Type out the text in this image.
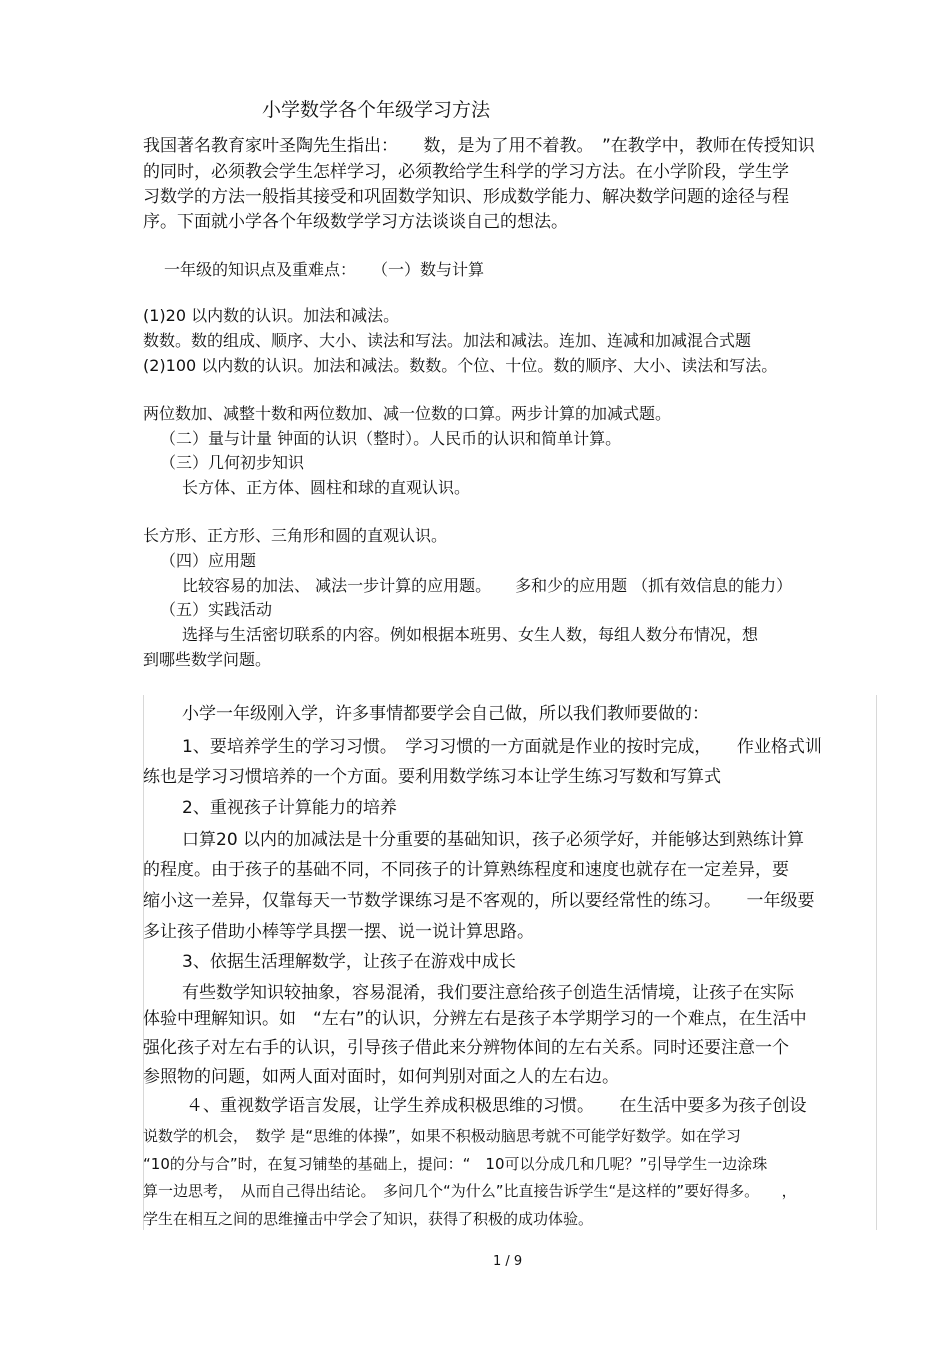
小学数学各个年级学习方法
我国著名教育家叶圣陶先生指出：　　数，是为了用不着教。　”在教学中，教师在传授知识
的同时，必须教会学生怎样学习，必须教给学生科学的学习方法。在小学阶段，学生学
习数学的方法一般指其接受和巩固数学知识、形成数学能力、解决数学问题的途径与程
序。下面就小学各个年级数学学习方法谈谈自己的想法。
一年级的知识点及重难点：　　（一）数与计算
(1)20 以内数的认识。加法和减法。
数数。数的组成、顺序、大小、读法和写法。加法和减法。连加、连减和加减混合式题
(2)100 以内数的认识。加法和减法。数数。个位、十位。数的顺序、大小、读法和写法。
两位数加、减整十数和两位数加、减一位数的口算。两步计算的加减式题。
（二）量与计量 钟面的认识（整时）。人民币的认识和简单计算。
（三）几何初步知识
长方体、正方体、圆柱和球的直观认识。
长方形、正方形、三角形和圆的直观认识。
（四）应用题
比较容易的加法、 减法一步计算的应用题。　　多和少的应用题 （抓有效信息的能力）
（五）实践活动
选择与生活密切联系的内容。例如根据本班男、女生人数，每组人数分布情况，想
到哪些数学问题。
小学一年级刚入学，许多事情都要学会自己做，所以我们教师要做的：
1、要培养学生的学习习惯。　学习习惯的一方面就是作业的按时完成，　　作业格式训
练也是学习习惯培养的一个方面。要利用数学练习本让学生练习写数和写算式
2、重视孩子计算能力的培养
口算20 以内的加减法是十分重要的基础知识，孩子必须学好，并能够达到熟练计算
的程度。由于孩子的基础不同，不同孩子的计算熟练程度和速度也就存在一定差异，要
缩小这一差异，仅靠每天一节数学课练习是不客观的，所以要经常性的练习。　　一年级要
多让孩子借助小棒等学具摆一摆、说一说计算思路。
3、依据生活理解数学，让孩子在游戏中成长
有些数学知识较抽象，容易混淆，我们要注意给孩子创造生活情境，让孩子在实际
体验中理解知识。如　“左右”的认识，分辨左右是孩子本学期学习的一个难点，在生活中
强化孩子对左右手的认识，引导孩子借此来分辨物体间的左右关系。同时还要注意一个
参照物的问题，如两人面对面时，如何判别对面之人的左右边。
４、重视数学语言发展，让学生养成积极思维的习惯。　　在生活中要多为孩子创设
说数学的机会，　数学 是“思维的体操”，如果不积极动脑思考就不可能学好数学。如在学习
“10的分与合”时，在复习铺垫的基础上，提问：“　10可以分成几和几呢？”引导学生一边涂珠
算一边思考，　从而自己得出结论。　多问几个“为什么”比直接告诉学生“是这样的”要好得多。　　，
学生在相互之间的思维撞击中学会了知识，获得了积极的成功体验。
1 / 9
